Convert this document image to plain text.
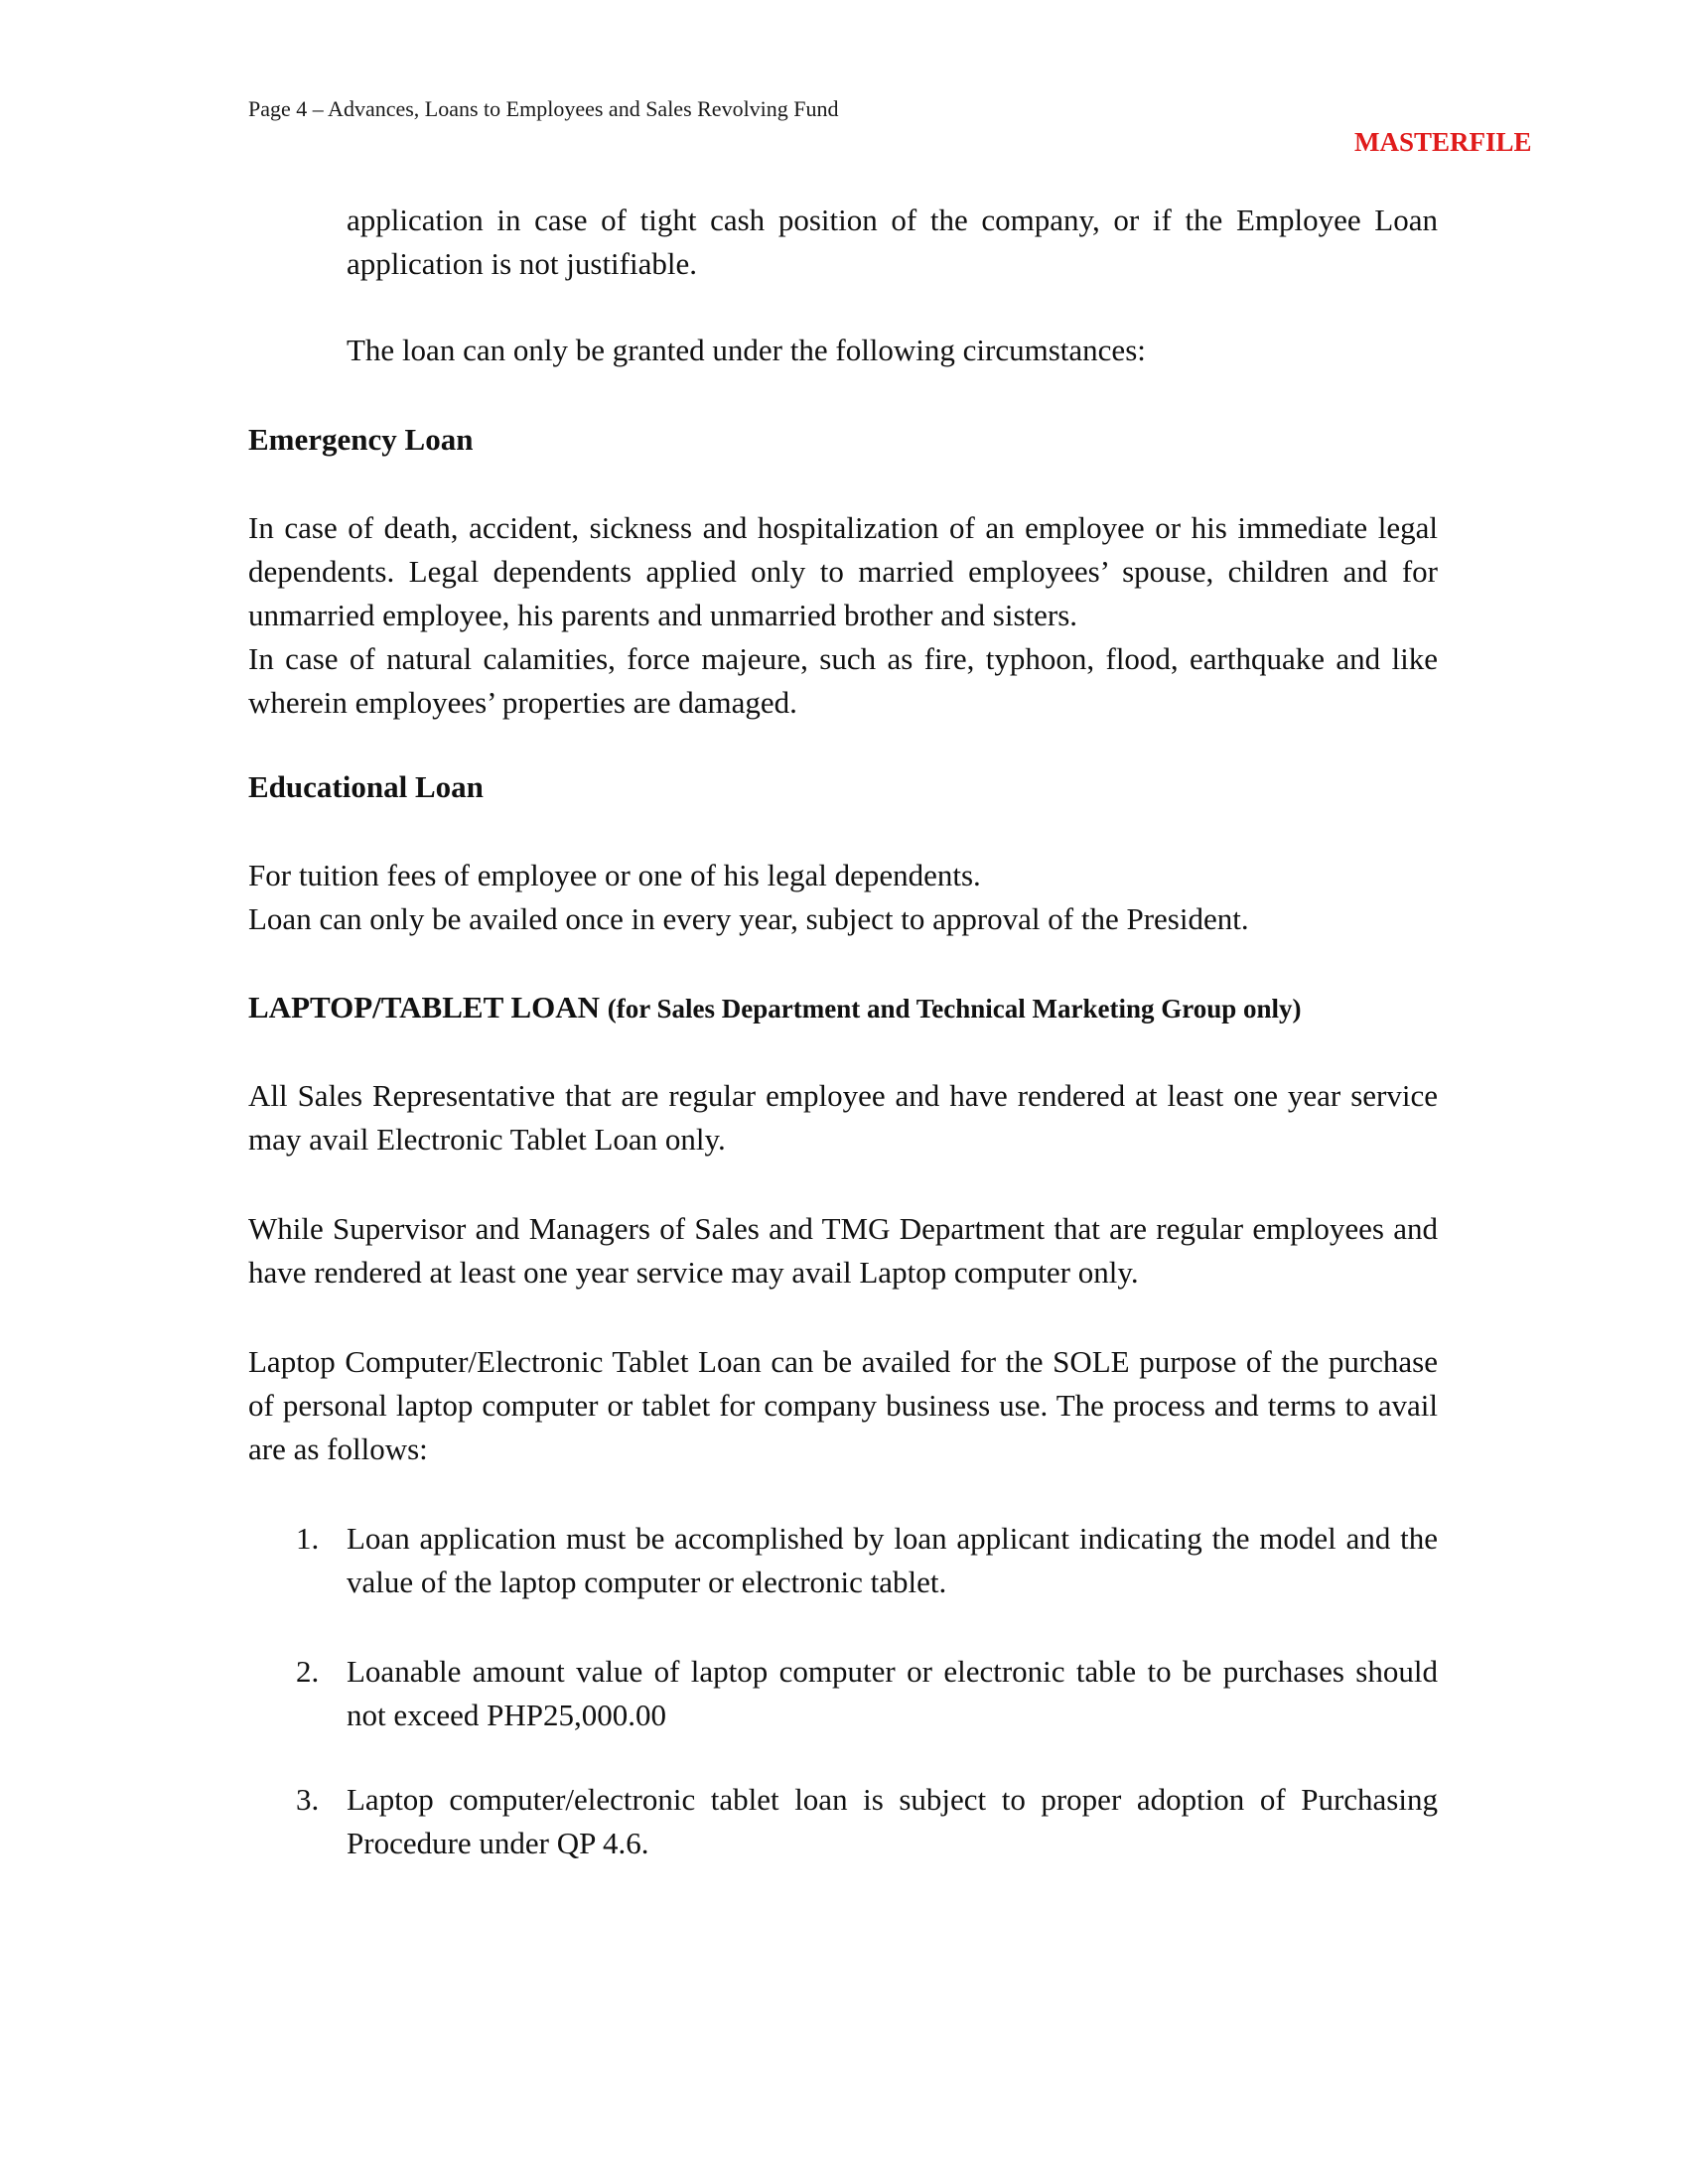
Page 4 – Advances, Loans to Employees and Sales Revolving Fund
MASTERFILE
application in case of tight cash position of the company, or if the Employee Loan application is not justifiable.
The loan can only be granted under the following circumstances:
Emergency Loan
In case of death, accident, sickness and hospitalization of an employee or his immediate legal dependents. Legal dependents applied only to married employees’ spouse, children and for unmarried employee, his parents and unmarried brother and sisters.
In case of natural calamities, force majeure, such as fire, typhoon, flood, earthquake and like wherein employees’ properties are damaged.
Educational Loan
For tuition fees of employee or one of his legal dependents.
Loan can only be availed once in every year, subject to approval of the President.
LAPTOP/TABLET LOAN (for Sales Department and Technical Marketing Group only)
All Sales Representative that are regular employee and have rendered at least one year service may avail Electronic Tablet Loan only.
While Supervisor and Managers of Sales and TMG Department that are regular employees and have rendered at least one year service may avail Laptop computer only.
Laptop Computer/Electronic Tablet Loan can be availed for the SOLE purpose of the purchase of personal laptop computer or tablet for company business use. The process and terms to avail are as follows:
1. Loan application must be accomplished by loan applicant indicating the model and the value of the laptop computer or electronic tablet.
2. Loanable amount value of laptop computer or electronic table to be purchases should not exceed PHP25,000.00
3. Laptop computer/electronic tablet loan is subject to proper adoption of Purchasing Procedure under QP 4.6.
